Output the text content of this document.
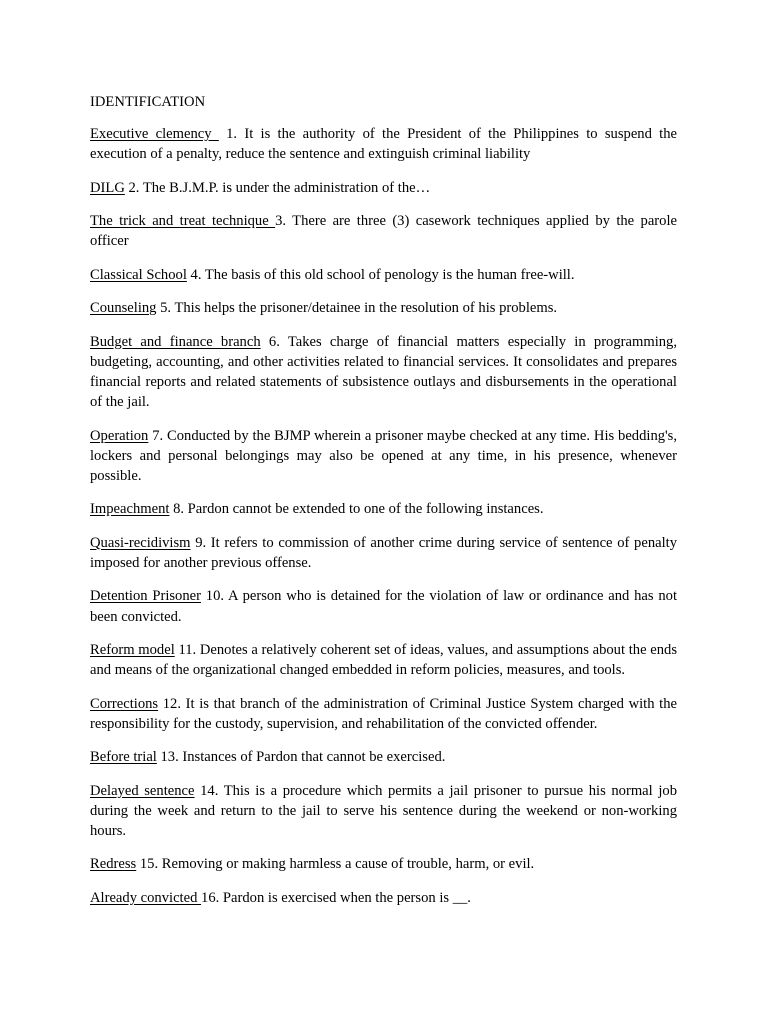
IDENTIFICATION

Executive clemency  1. It is the authority of the President of the Philippines to suspend the execution of a penalty, reduce the sentence and extinguish criminal liability

DILG 2. The B.J.M.P. is under the administration of the…

The trick and treat technique 3. There are three (3) casework techniques applied by the parole officer

Classical School 4. The basis of this old school of penology is the human free-will.

Counseling 5. This helps the prisoner/detainee in the resolution of his problems.

Budget and finance branch 6. Takes charge of financial matters especially in programming, budgeting, accounting, and other activities related to financial services. It consolidates and prepares financial reports and related statements of subsistence outlays and disbursements in the operational of the jail.

Operation 7. Conducted by the BJMP wherein a prisoner maybe checked at any time. His bedding's, lockers and personal belongings may also be opened at any time, in his presence, whenever possible.

Impeachment 8. Pardon cannot be extended to one of the following instances.

Quasi-recidivism 9. It refers to commission of another crime during service of sentence of penalty imposed for another previous offense.

Detention Prisoner 10. A person who is detained for the violation of law or ordinance and has not been convicted.

Reform model 11. Denotes a relatively coherent set of ideas, values, and assumptions about the ends and means of the organizational changed embedded in reform policies, measures, and tools.

Corrections 12. It is that branch of the administration of Criminal Justice System charged with the responsibility for the custody, supervision, and rehabilitation of the convicted offender.

Before trial 13. Instances of Pardon that cannot be exercised.

Delayed sentence 14. This is a procedure which permits a jail prisoner to pursue his normal job during the week and return to the jail to serve his sentence during the weekend or non-working hours.

Redress 15. Removing or making harmless a cause of trouble, harm, or evil.

Already convicted 16. Pardon is exercised when the person is __.
